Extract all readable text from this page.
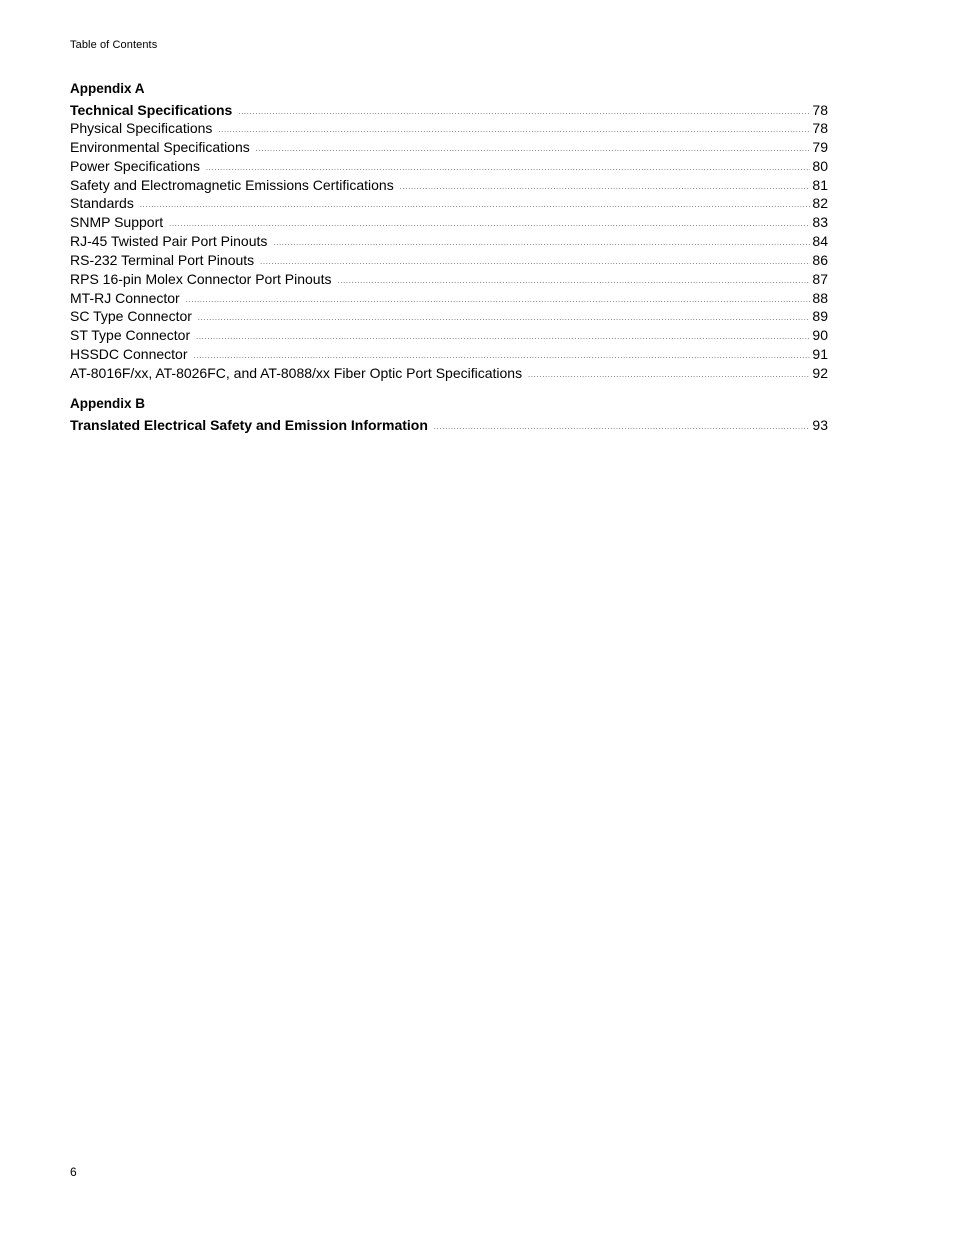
Table of Contents
Appendix A
Technical Specifications .....	78
Physical Specifications .....	78
Environmental Specifications .....	79
Power Specifications .....	80
Safety and Electromagnetic Emissions Certifications .....	81
Standards .....	82
SNMP Support .....	83
RJ-45 Twisted Pair Port Pinouts .....	84
RS-232 Terminal Port Pinouts .....	86
RPS 16-pin Molex Connector Port Pinouts .....	87
MT-RJ Connector .....	88
SC Type Connector .....	89
ST Type Connector .....	90
HSSDC Connector .....	91
AT-8016F/xx, AT-8026FC, and AT-8088/xx Fiber Optic Port Specifications .....	92
Appendix B
Translated Electrical Safety and Emission Information .....	93
6
